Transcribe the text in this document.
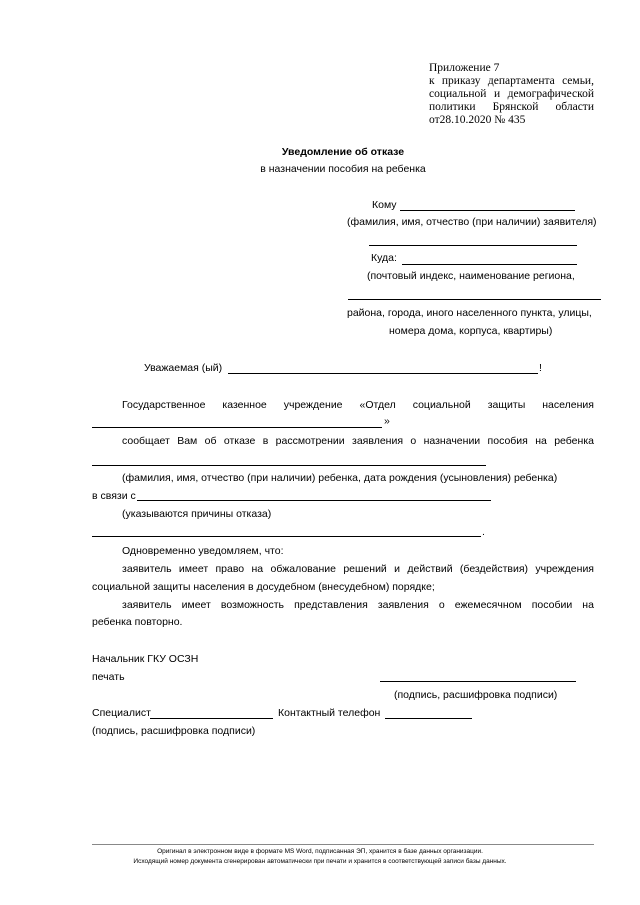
Приложение 7
к приказу департамента семьи,
социальной и демографической
политики Брянской области
от28.10.2020 № 435
Уведомление об отказе
в назначении пособия на ребенка
Кому
(фамилия, имя, отчество (при наличии) заявителя)
Куда:
(почтовый индекс, наименование региона,
района, города, иного населенного пункта, улицы,
номера дома, корпуса, квартиры)
Уважаемая (ый)	!
Государственное казенное учреждение «Отдел социальной защиты населения
»
сообщает Вам об отказе в рассмотрении заявления о назначении пособия на ребенка
(фамилия, имя, отчество (при наличии) ребенка, дата рождения (усыновления) ребенка)
в связи с
(указываются причины отказа)
.
Одновременно уведомляем, что:
заявитель имеет право на обжалование решений и действий (бездействия) учреждения
социальной защиты населения в досудебном (внесудебном) порядке;
заявитель имеет возможность представления заявления о ежемесячном пособии на
ребенка повторно.
Начальник ГКУ ОСЗН
печать
(подпись, расшифровка подписи)
Специалист	Контактный телефон
(подпись, расшифровка подписи)
Оригинал в электронном виде в формате MS Word, подписанная ЭП, хранится в базе данных организации.
Исходящий номер документа сгенерирован автоматически при печати и хранится в соответствующей записи базы данных.
